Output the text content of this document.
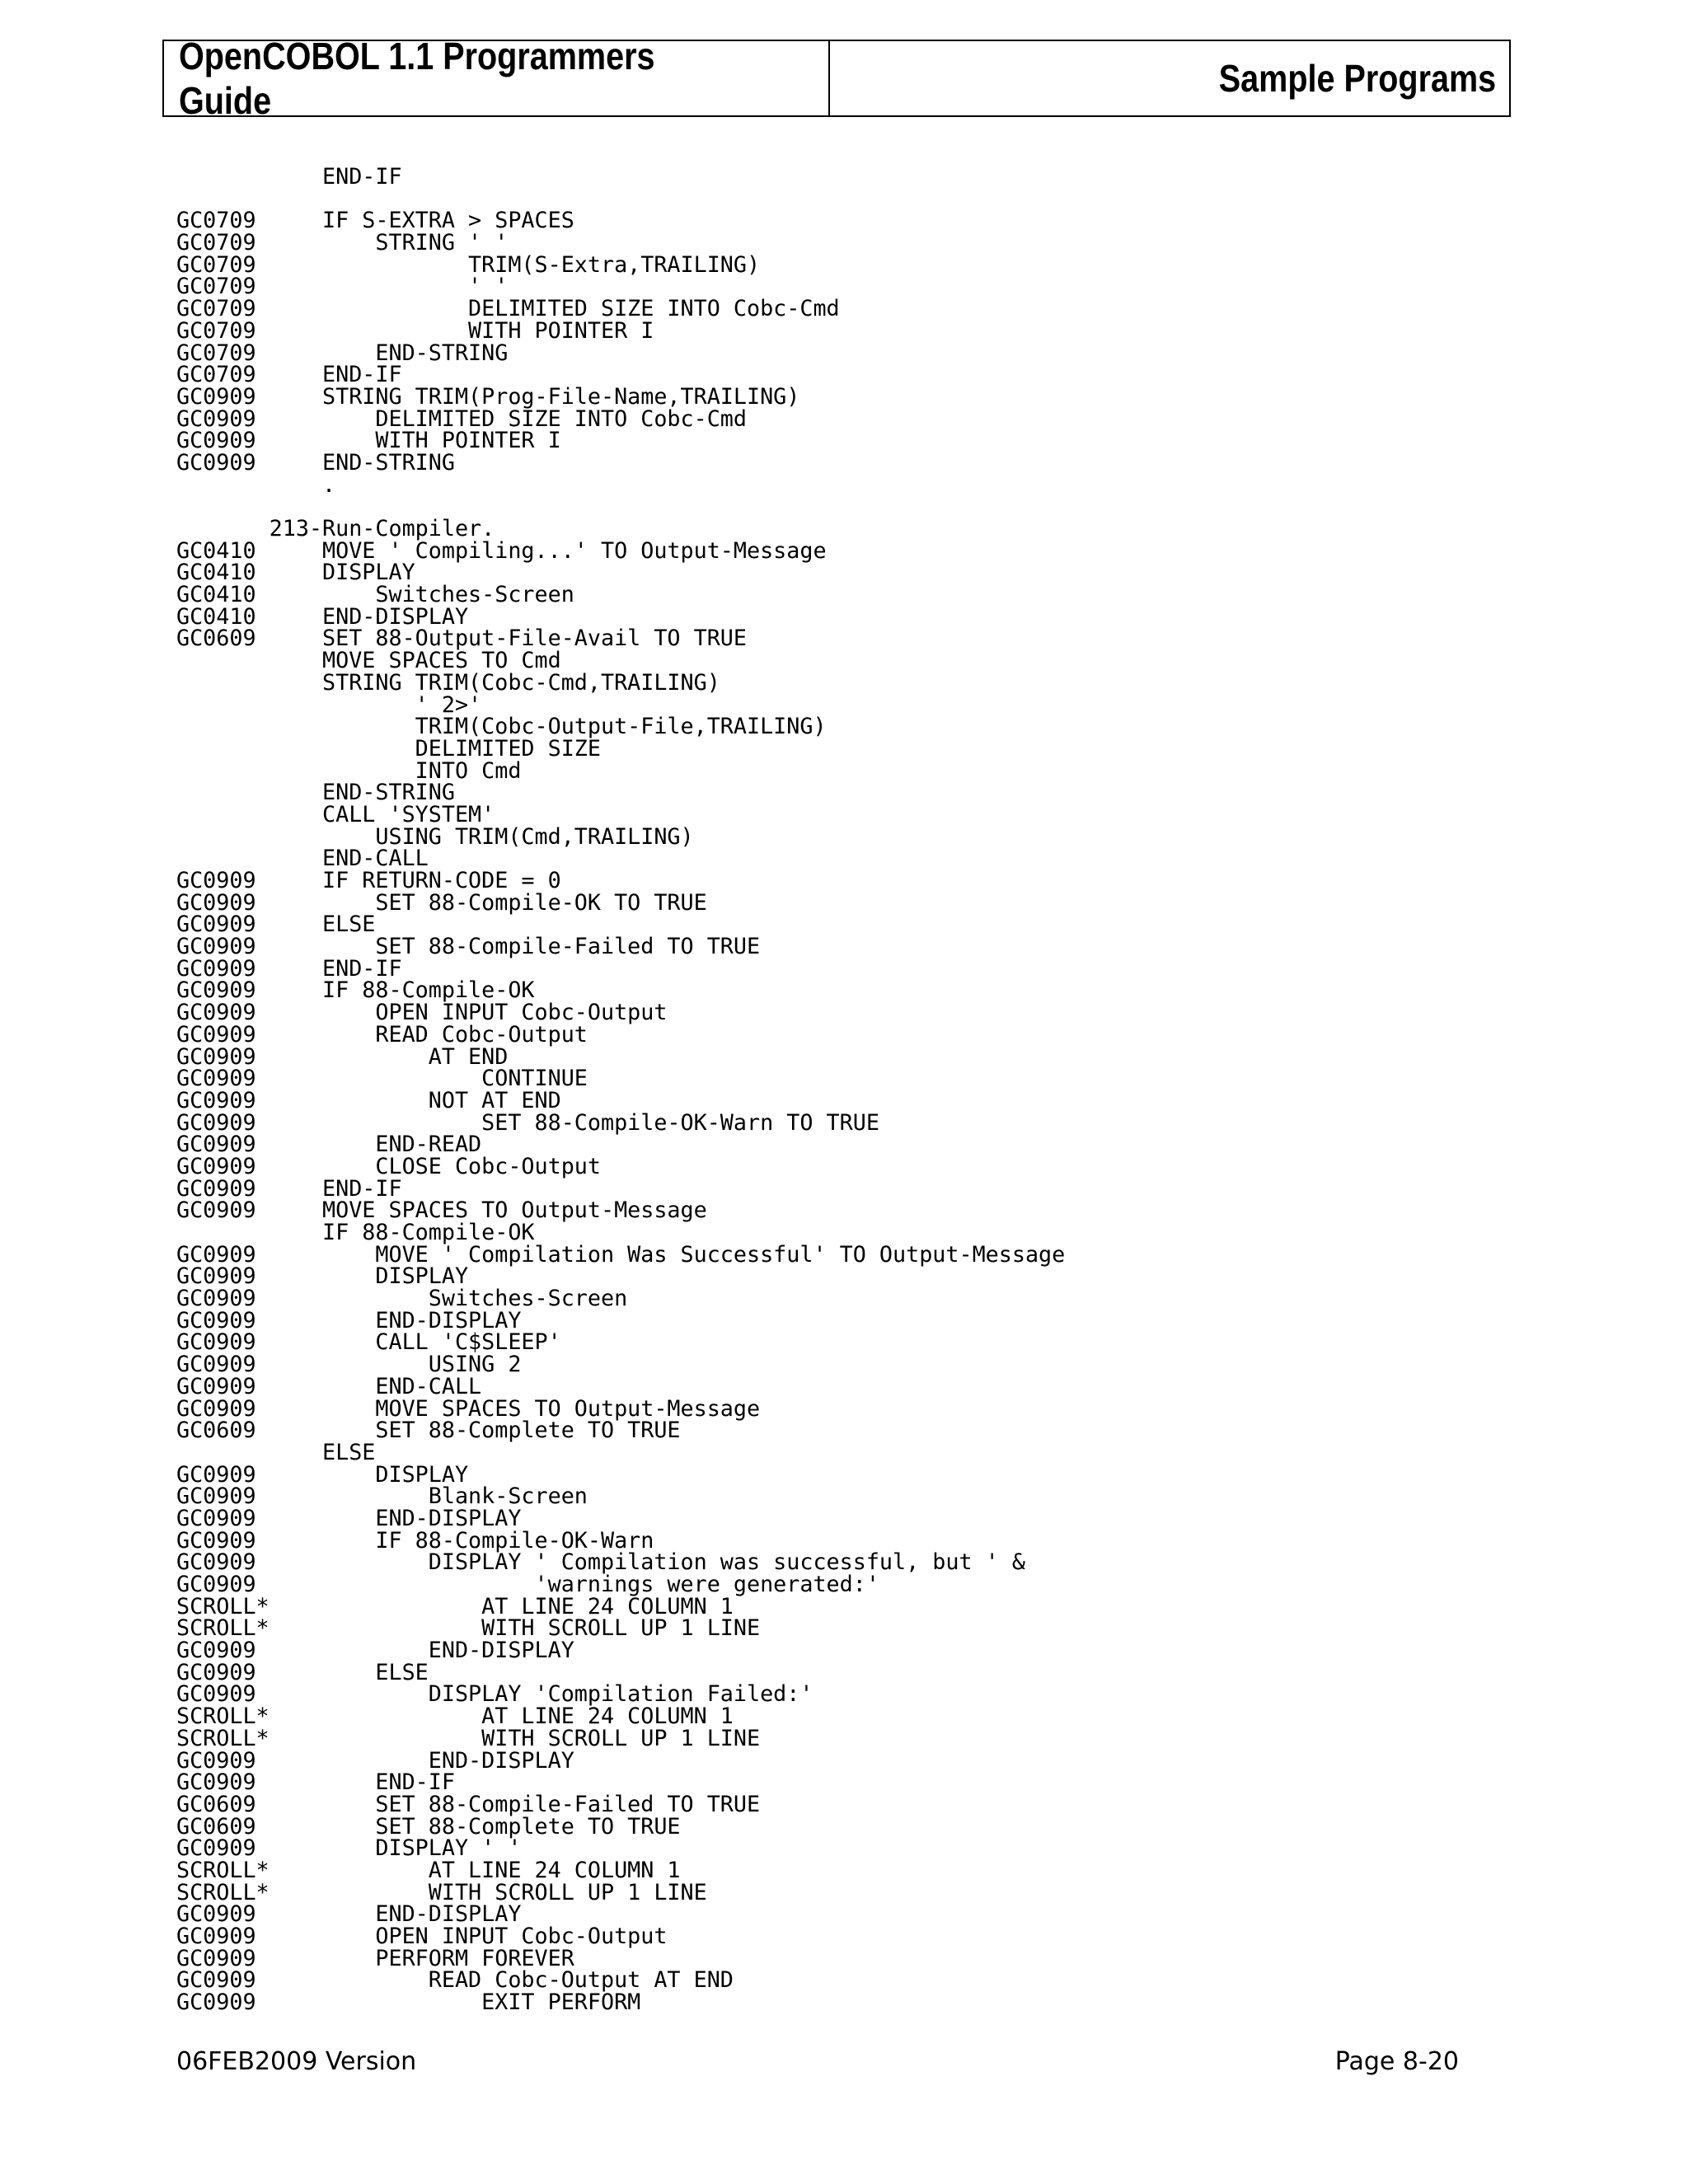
OpenCOBOL 1.1 Programmers Guide
Sample Programs
END-IF
GC0709     IF S-EXTRA > SPACES
GC0709         STRING ' '
GC0709                TRIM(S-Extra,TRAILING)
GC0709                ' '
GC0709                DELIMITED SIZE INTO Cobc-Cmd
GC0709                WITH POINTER I
GC0709         END-STRING
GC0709     END-IF
GC0909     STRING TRIM(Prog-File-Name,TRAILING)
GC0909         DELIMITED SIZE INTO Cobc-Cmd
GC0909         WITH POINTER I
GC0909     END-STRING
.
213-Run-Compiler.
GC0410     MOVE ' Compiling...' TO Output-Message
GC0410     DISPLAY
GC0410         Switches-Screen
GC0410     END-DISPLAY
GC0609     SET 88-Output-File-Avail TO TRUE
MOVE SPACES TO Cmd
STRING TRIM(Cobc-Cmd,TRAILING)
' 2>'
TRIM(Cobc-Output-File,TRAILING)
DELIMITED SIZE
INTO Cmd
END-STRING
CALL 'SYSTEM'
USING TRIM(Cmd,TRAILING)
END-CALL
GC0909     IF RETURN-CODE = 0
GC0909         SET 88-Compile-OK TO TRUE
GC0909     ELSE
GC0909         SET 88-Compile-Failed TO TRUE
GC0909     END-IF
GC0909     IF 88-Compile-OK
GC0909         OPEN INPUT Cobc-Output
GC0909         READ Cobc-Output
GC0909             AT END
GC0909                 CONTINUE
GC0909             NOT AT END
GC0909                 SET 88-Compile-OK-Warn TO TRUE
GC0909         END-READ
GC0909         CLOSE Cobc-Output
GC0909     END-IF
GC0909     MOVE SPACES TO Output-Message
IF 88-Compile-OK
GC0909         MOVE ' Compilation Was Successful' TO Output-Message
GC0909         DISPLAY
GC0909             Switches-Screen
GC0909         END-DISPLAY
GC0909         CALL 'C$SLEEP'
GC0909             USING 2
GC0909         END-CALL
GC0909         MOVE SPACES TO Output-Message
GC0609         SET 88-Complete TO TRUE
ELSE
GC0909         DISPLAY
GC0909             Blank-Screen
GC0909         END-DISPLAY
GC0909         IF 88-Compile-OK-Warn
GC0909             DISPLAY ' Compilation was successful, but ' &
GC0909                     'warnings were generated:'
SCROLL*                AT LINE 24 COLUMN 1
SCROLL*                WITH SCROLL UP 1 LINE
GC0909             END-DISPLAY
GC0909         ELSE
GC0909             DISPLAY 'Compilation Failed:'
SCROLL*                AT LINE 24 COLUMN 1
SCROLL*                WITH SCROLL UP 1 LINE
GC0909             END-DISPLAY
GC0909         END-IF
GC0609         SET 88-Compile-Failed TO TRUE
GC0609         SET 88-Complete TO TRUE
GC0909         DISPLAY ' '
SCROLL*            AT LINE 24 COLUMN 1
SCROLL*            WITH SCROLL UP 1 LINE
GC0909         END-DISPLAY
GC0909         OPEN INPUT Cobc-Output
GC0909         PERFORM FOREVER
GC0909             READ Cobc-Output AT END
GC0909                 EXIT PERFORM
06FEB2009 Version	Page 8-20
